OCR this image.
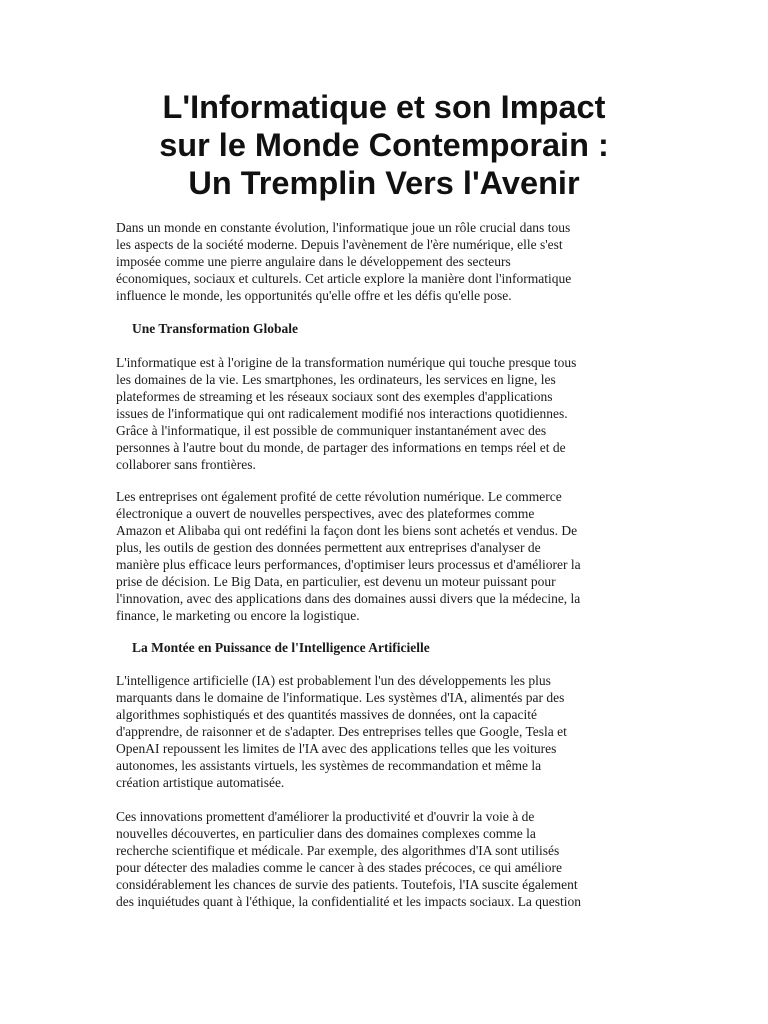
L'Informatique et son Impact
sur le Monde Contemporain :
Un Tremplin Vers l'Avenir
Dans un monde en constante évolution, l'informatique joue un rôle crucial dans tous
les aspects de la société moderne. Depuis l'avènement de l'ère numérique, elle s'est
imposée comme une pierre angulaire dans le développement des secteurs
économiques, sociaux et culturels. Cet article explore la manière dont l'informatique
influence le monde, les opportunités qu'elle offre et les défis qu'elle pose.
Une Transformation Globale
L'informatique est à l'origine de la transformation numérique qui touche presque tous
les domaines de la vie. Les smartphones, les ordinateurs, les services en ligne, les
plateformes de streaming et les réseaux sociaux sont des exemples d'applications
issues de l'informatique qui ont radicalement modifié nos interactions quotidiennes.
Grâce à l'informatique, il est possible de communiquer instantanément avec des
personnes à l'autre bout du monde, de partager des informations en temps réel et de
collaborer sans frontières.
Les entreprises ont également profité de cette révolution numérique. Le commerce
électronique a ouvert de nouvelles perspectives, avec des plateformes comme
Amazon et Alibaba qui ont redéfini la façon dont les biens sont achetés et vendus. De
plus, les outils de gestion des données permettent aux entreprises d'analyser de
manière plus efficace leurs performances, d'optimiser leurs processus et d'améliorer la
prise de décision. Le Big Data, en particulier, est devenu un moteur puissant pour
l'innovation, avec des applications dans des domaines aussi divers que la médecine, la
finance, le marketing ou encore la logistique.
La Montée en Puissance de l'Intelligence Artificielle
L'intelligence artificielle (IA) est probablement l'un des développements les plus
marquants dans le domaine de l'informatique. Les systèmes d'IA, alimentés par des
algorithmes sophistiqués et des quantités massives de données, ont la capacité
d'apprendre, de raisonner et de s'adapter. Des entreprises telles que Google, Tesla et
OpenAI repoussent les limites de l'IA avec des applications telles que les voitures
autonomes, les assistants virtuels, les systèmes de recommandation et même la
création artistique automatisée.
Ces innovations promettent d'améliorer la productivité et d'ouvrir la voie à de
nouvelles découvertes, en particulier dans des domaines complexes comme la
recherche scientifique et médicale. Par exemple, des algorithmes d'IA sont utilisés
pour détecter des maladies comme le cancer à des stades précoces, ce qui améliore
considérablement les chances de survie des patients. Toutefois, l'IA suscite également
des inquiétudes quant à l'éthique, la confidentialité et les impacts sociaux. La question
